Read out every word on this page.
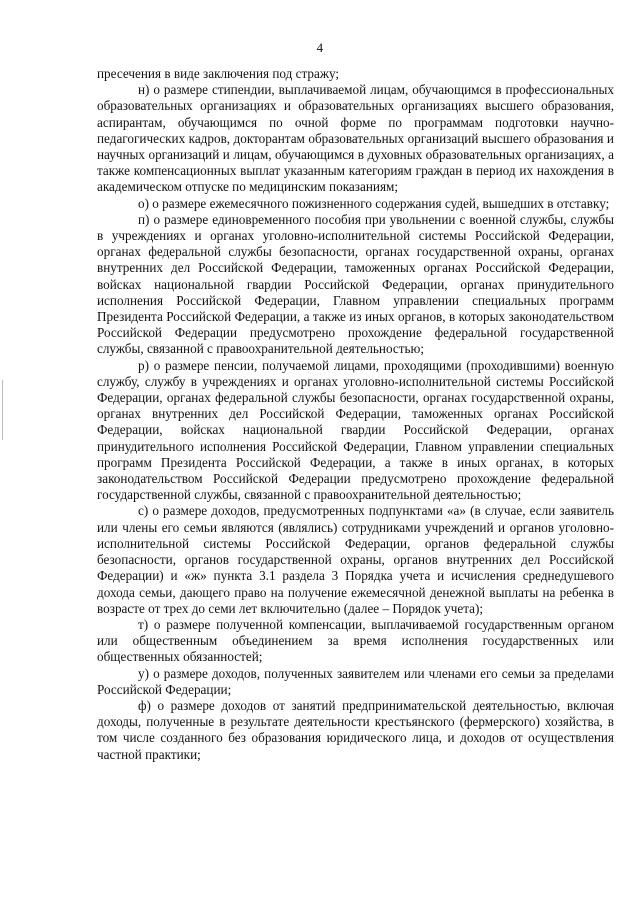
4

пресечения в виде заключения под стражу;

н) о размере стипендии, выплачиваемой лицам, обучающимся в профессиональных образовательных организациях и образовательных организациях высшего образования, аспирантам, обучающимся по очной форме по программам подготовки научно-педагогических кадров, докторантам образовательных организаций высшего образования и научных организаций и лицам, обучающимся в духовных образовательных организациях, а также компенсационных выплат указанным категориям граждан в период их нахождения в академическом отпуске по медицинским показаниям;

о) о размере ежемесячного пожизненного содержания судей, вышедших в отставку;

п) о размере единовременного пособия при увольнении с военной службы, службы в учреждениях и органах уголовно-исполнительной системы Российской Федерации, органах федеральной службы безопасности, органах государственной охраны, органах внутренних дел Российской Федерации, таможенных органах Российской Федерации, войсках национальной гвардии Российской Федерации, органах принудительного исполнения Российской Федерации, Главном управлении специальных программ Президента Российской Федерации, а также из иных органов, в которых законодательством Российской Федерации предусмотрено прохождение федеральной государственной службы, связанной с правоохранительной деятельностью;

р) о размере пенсии, получаемой лицами, проходящими (проходившими) военную службу, службу в учреждениях и органах уголовно-исполнительной системы Российской Федерации, органах федеральной службы безопасности, органах государственной охраны, органах внутренних дел Российской Федерации, таможенных органах Российской Федерации, войсках национальной гвардии Российской Федерации, органах принудительного исполнения Российской Федерации, Главном управлении специальных программ Президента Российской Федерации, а также в иных органах, в которых законодательством Российской Федерации предусмотрено прохождение федеральной государственной службы, связанной с правоохранительной деятельностью;

с) о размере доходов, предусмотренных подпунктами «а» (в случае, если заявитель или члены его семьи являются (являлись) сотрудниками учреждений и органов уголовно-исполнительной системы Российской Федерации, органов федеральной службы безопасности, органов государственной охраны, органов внутренних дел Российской Федерации) и «ж» пункта 3.1 раздела 3 Порядка учета и исчисления среднедушевого дохода семьи, дающего право на получение ежемесячной денежной выплаты на ребенка в возрасте от трех до семи лет включительно (далее – Порядок учета);

т) о размере полученной компенсации, выплачиваемой государственным органом или общественным объединением за время исполнения государственных или общественных обязанностей;

у) о размере доходов, полученных заявителем или членами его семьи за пределами Российской Федерации;

ф) о размере доходов от занятий предпринимательской деятельностью, включая доходы, полученные в результате деятельности крестьянского (фермерского) хозяйства, в том числе созданного без образования юридического лица, и доходов от осуществления частной практики;
